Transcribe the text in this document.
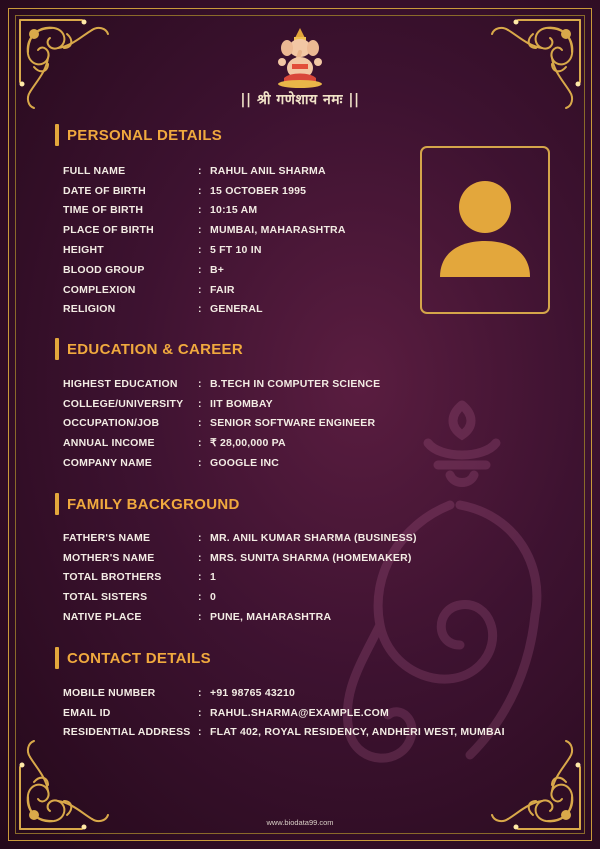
|| श्री गणेशाय नमः ||
PERSONAL DETAILS
FULL NAME	: RAHUL ANIL SHARMA
DATE OF BIRTH	: 15 OCTOBER 1995
TIME OF BIRTH	: 10:15 AM
PLACE OF BIRTH	: MUMBAI, MAHARASHTRA
HEIGHT	: 5 FT 10 IN
BLOOD GROUP	: B+
COMPLEXION	: FAIR
RELIGION	: GENERAL
EDUCATION & CAREER
HIGHEST EDUCATION	: B.TECH IN COMPUTER SCIENCE
COLLEGE/UNIVERSITY	: IIT BOMBAY
OCCUPATION/JOB	: SENIOR SOFTWARE ENGINEER
ANNUAL INCOME	: ₹ 28,00,000 PA
COMPANY NAME	: GOOGLE INC
FAMILY BACKGROUND
FATHER'S NAME	: MR. ANIL KUMAR SHARMA (BUSINESS)
MOTHER'S NAME	: MRS. SUNITA SHARMA (HOMEMAKER)
TOTAL BROTHERS	: 1
TOTAL SISTERS	: 0
NATIVE PLACE	: PUNE, MAHARASHTRA
CONTACT DETAILS
MOBILE NUMBER	: +91 98765 43210
EMAIL ID	: RAHUL.SHARMA@EXAMPLE.COM
RESIDENTIAL ADDRESS : FLAT 402, ROYAL RESIDENCY, ANDHERI WEST, MUMBAI
www.biodata99.com
